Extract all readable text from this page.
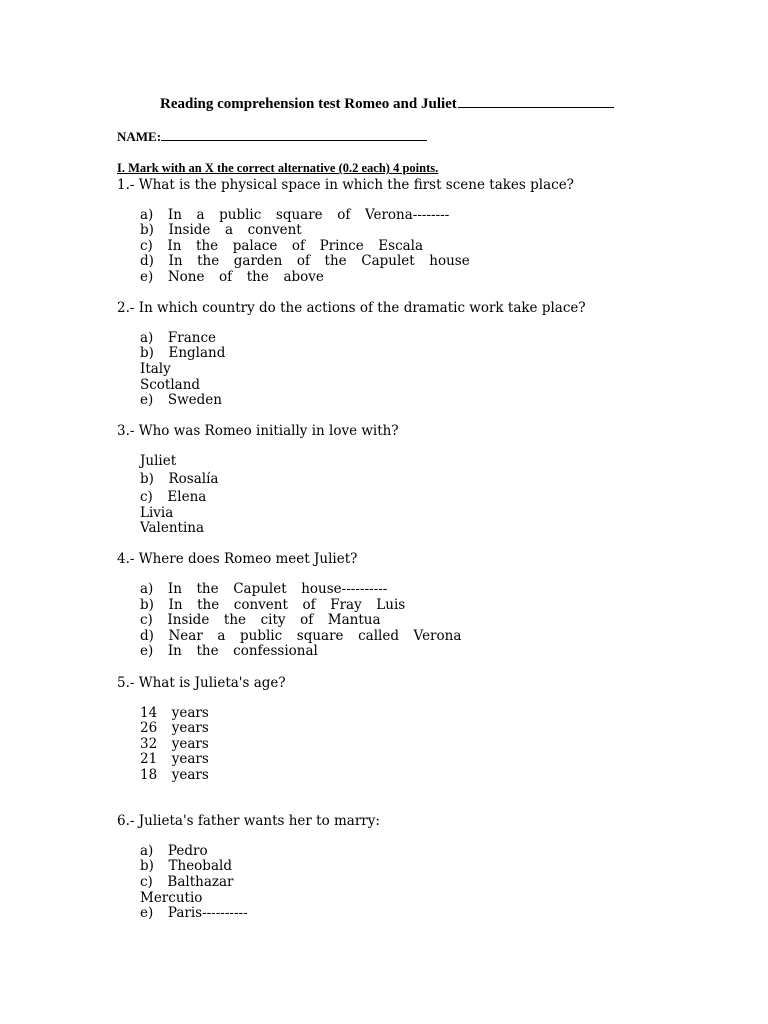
Reading comprehension test Romeo and Juliet
NAME:
I. Mark with an X the correct alternative (0.2 each) 4 points.
1.- What is the physical space in which the first scene takes place?
a)  In  a  public  square  of  Verona--------
b)  Inside  a  convent
c)  In  the  palace  of  Prince  Escala
d)  In  the  garden  of  the  Capulet  house
e)  None  of  the  above
2.- In which country do the actions of the dramatic work take place?
a)  France
b)  England
Italy
Scotland
e)  Sweden
3.- Who was Romeo initially in love with?
Juliet
b)  Rosalía
c)  Elena
Livia
Valentina
4.- Where does Romeo meet Juliet?
a)  In  the  Capulet  house----------
b)  In  the  convent  of  Fray  Luis
c)  Inside  the  city  of  Mantua
d)  Near  a  public  square  called  Verona
e)  In  the  confessional
5.- What is Julieta's age?
14  years
26  years
32  years
21  years
18  years
6.- Julieta's father wants her to marry:
a)  Pedro
b)  Theobald
c)  Balthazar
Mercutio
e)  Paris----------
